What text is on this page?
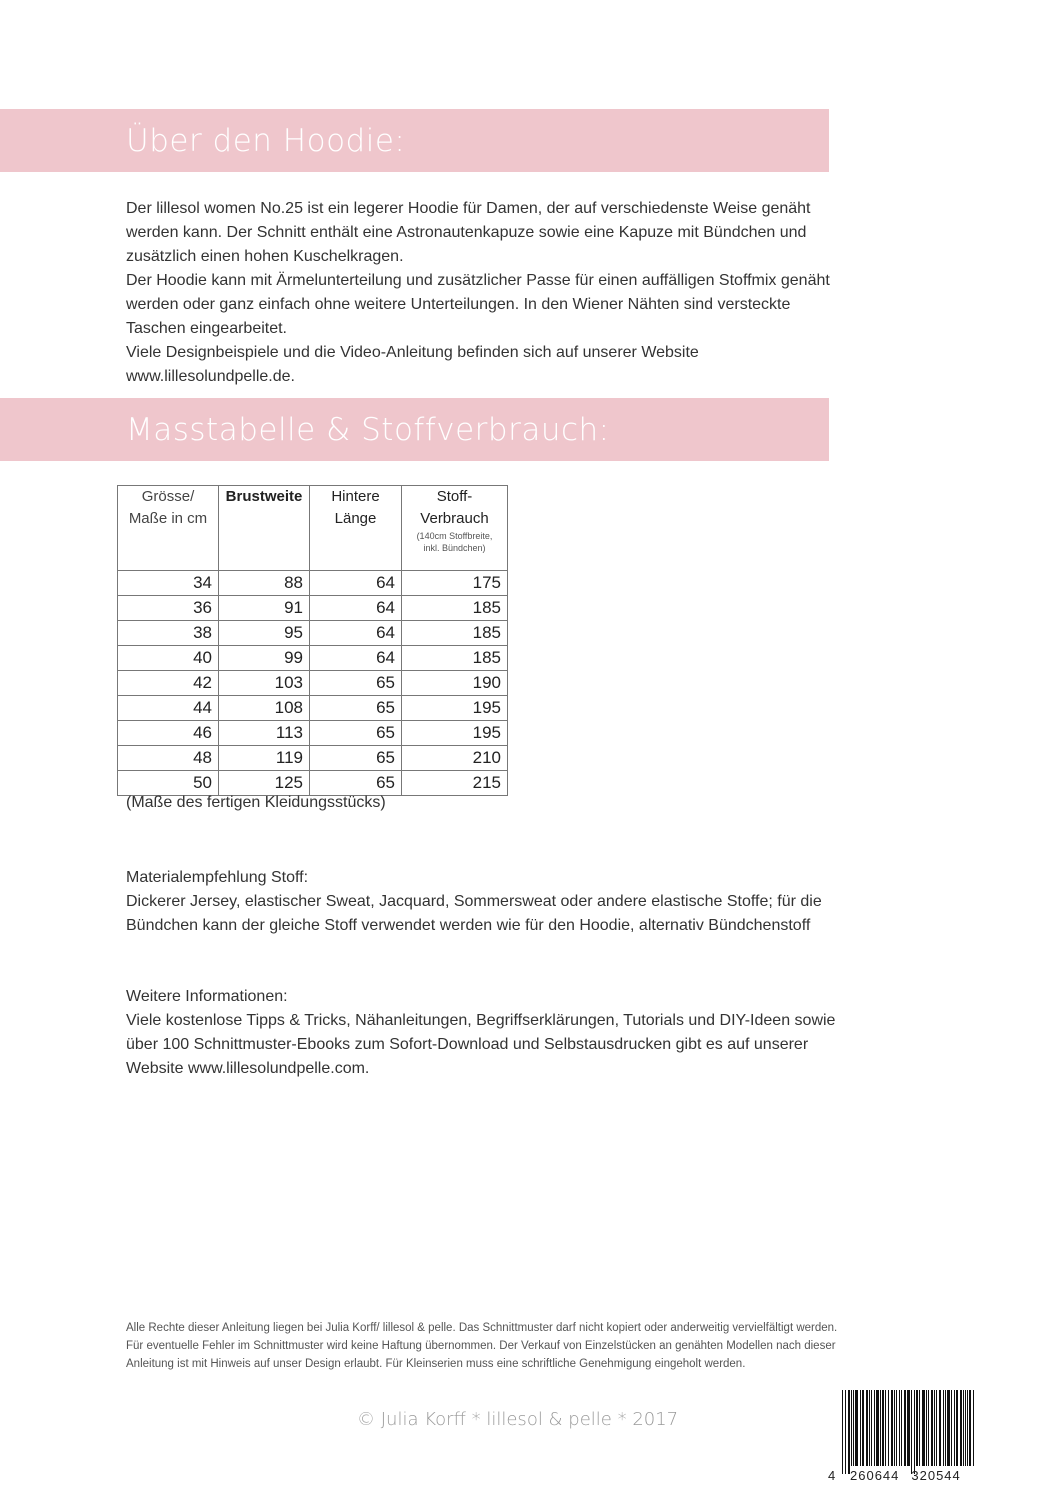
Über den Hoodie:

Der lillesol women No.25 ist ein legerer Hoodie für Damen, der auf verschiedenste Weise genäht

werden kann. Der Schnitt enthält eine Astronautenkapuze sowie eine Kapuze mit Bündchen und

zusätzlich einen hohen Kuschelkragen.

Der Hoodie kann mit Ärmelunterteilung und zusätzlicher Passe für einen auffälligen Stoffmix genäht

werden oder ganz einfach ohne weitere Unterteilungen. In den Wiener Nähten sind versteckte

Taschen eingearbeitet.

Viele Designbeispiele und die Video-Anleitung befinden sich auf unserer Website

www.lillesolundpelle.de.

Masstabelle & Stoffverbrauch:
Grösse/ Maße in cm	Brustweite	Hintere Länge	Stoff-Verbrauch
(140cm Stoffbreite, inkl. Bündchen)

34	88	64	175
36	91	64	185
38	95	64	185
40	99	64	185
42	103	65	190
44	108	65	195
46	113	65	195
48	119	65	210
50	125	65	215
(Maße des fertigen Kleidungsstücks)

Materialempfehlung Stoff:

Dickerer Jersey, elastischer Sweat, Jacquard, Sommersweat oder andere elastische Stoffe; für die

Bündchen kann der gleiche Stoff verwendet werden wie für den Hoodie, alternativ Bündchenstoff

Weitere Informationen:

Viele kostenlose Tipps & Tricks, Nähanleitungen, Begriffserklärungen, Tutorials und DIY-Ideen sowie

über 100 Schnittmuster-Ebooks zum Sofort-Download und Selbstausdrucken gibt es auf unserer

Website www.lillesolundpelle.com.

Alle Rechte dieser Anleitung liegen bei Julia Korff/ lillesol & pelle. Das Schnittmuster darf nicht kopiert oder anderweitig vervielfältigt werden.
Für eventuelle Fehler im Schnittmuster wird keine Haftung übernommen. Der Verkauf von Einzelstücken an genähten Modellen nach dieser
Anleitung ist mit Hinweis auf unser Design erlaubt. Für Kleinserien muss eine schriftliche Genehmigung eingeholt werden.
© Julia Korff * lillesol & pelle * 2017
4 260644 320544
